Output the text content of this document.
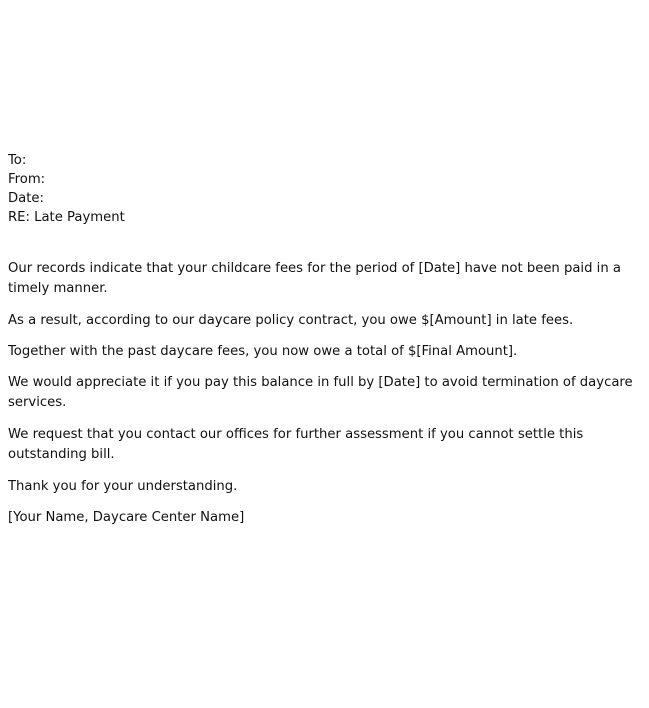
To:
From:
Date:
RE: Late Payment

Our records indicate that your childcare fees for the period of [Date] have not been paid in a timely manner.

As a result, according to our daycare policy contract, you owe $[Amount] in late fees.

Together with the past daycare fees, you now owe a total of $[Final Amount].

We would appreciate it if you pay this balance in full by [Date] to avoid termination of daycare services.

We request that you contact our offices for further assessment if you cannot settle this outstanding bill.

Thank you for your understanding.

[Your Name, Daycare Center Name]
